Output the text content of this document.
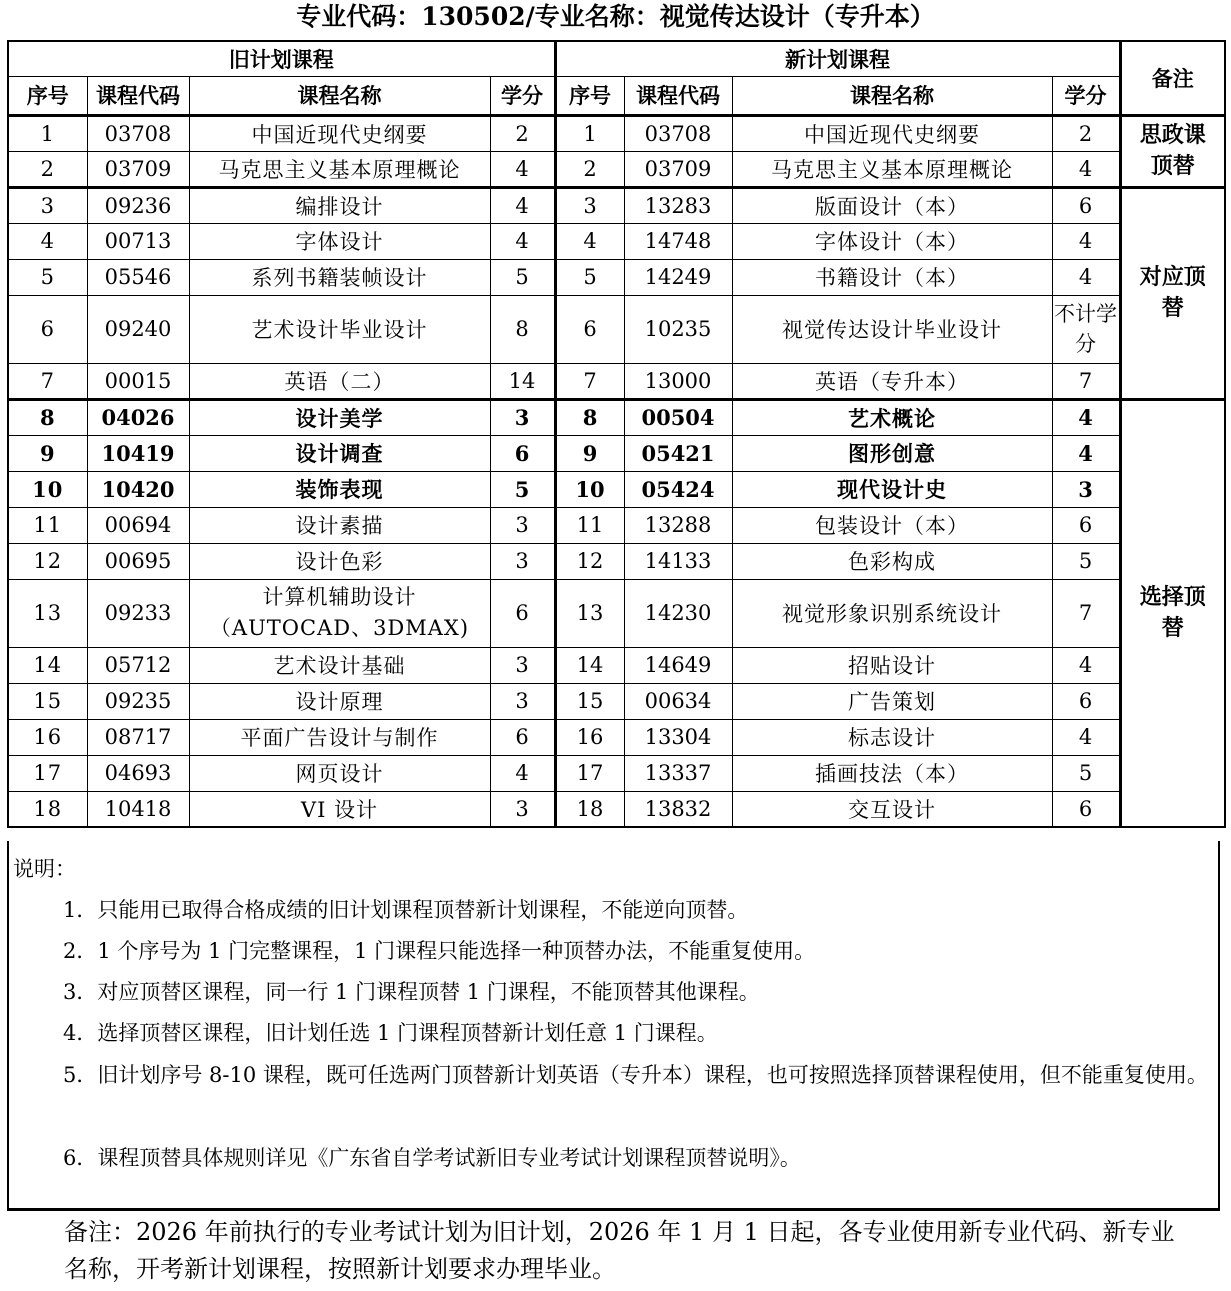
专业代码：130502/专业名称：视觉传达设计（专升本）
旧计划课程				新计划课程				备注
序号	课程代码	课程名称	学分	序号	课程代码	课程名称	学分	
1	03708	中国近现代史纲要	2	1	03708	中国近现代史纲要	2	思政课顶替
2	03709	马克思主义基本原理概论	4	2	03709	马克思主义基本原理概论	4	
3	09236	编排设计	4	3	13283	版面设计（本）	6	对应顶替
4	00713	字体设计	4	4	14748	字体设计（本）	4	
5	05546	系列书籍装帧设计	5	5	14249	书籍设计（本）	4	
6	09240	艺术设计毕业设计	8	6	10235	视觉传达设计毕业设计	不计学分	
7	00015	英语（二）	14	7	13000	英语（专升本）	7	
8	04026	设计美学	3	8	00504	艺术概论	4	选择顶替
9	10419	设计调查	6	9	05421	图形创意	4	
10	10420	装饰表现	5	10	05424	现代设计史	3	
11	00694	设计素描	3	11	13288	包装设计（本）	6	
12	00695	设计色彩	3	12	14133	色彩构成	5	
13	09233	计算机辅助设计（AUTOCAD、3DMAX)	6	13	14230	视觉形象识别系统设计	7	
14	05712	艺术设计基础	3	14	14649	招贴设计	4	
15	09235	设计原理	3	15	00634	广告策划	6	
16	08717	平面广告设计与制作	6	16	13304	标志设计	4	
17	04693	网页设计	4	17	13337	插画技法（本）	5	
18	10418	VI 设计	3	18	13832	交互设计	6	
说明：
1．只能用已取得合格成绩的旧计划课程顶替新计划课程，不能逆向顶替。
2．1 个序号为 1 门完整课程，1 门课程只能选择一种顶替办法，不能重复使用。
3．对应顶替区课程，同一行 1 门课程顶替 1 门课程，不能顶替其他课程。
4．选择顶替区课程，旧计划任选 1 门课程顶替新计划任意 1 门课程。
5．旧计划序号 8-10 课程，既可任选两门顶替新计划英语（专升本）课程，也可按照选择顶替课程使用，但不能重复使用。
6．课程顶替具体规则详见《广东省自学考试新旧专业考试计划课程顶替说明》。
备注：2026 年前执行的专业考试计划为旧计划，2026 年 1 月 1 日起，各专业使用新专业代码、新专业名称，开考新计划课程，按照新计划要求办理毕业。
